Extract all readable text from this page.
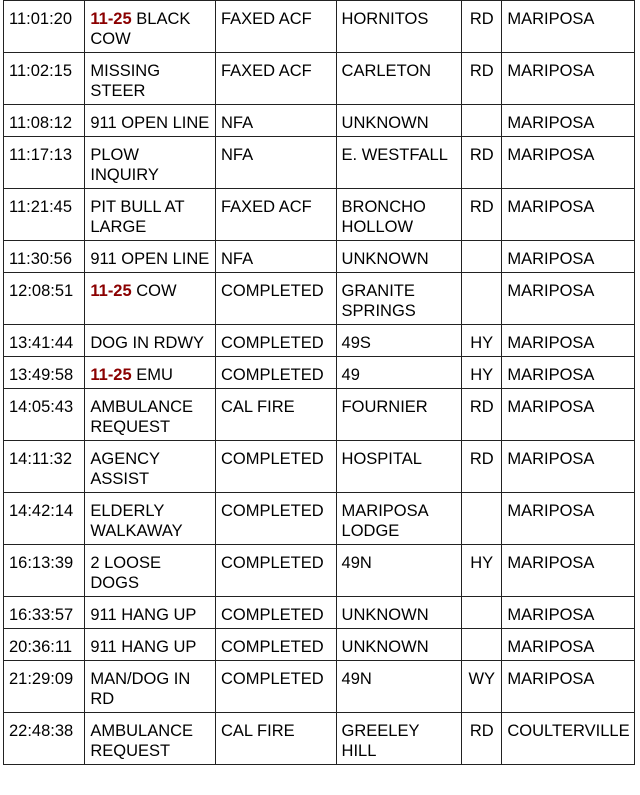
11:01:20	11-25 BLACK COW	FAXED ACF	HORNITOS	RD	MARIPOSA
11:02:15	MISSING STEER	FAXED ACF	CARLETON	RD	MARIPOSA
11:08:12	911 OPEN LINE	NFA	UNKNOWN		MARIPOSA
11:17:13	PLOW INQUIRY	NFA	E. WESTFALL	RD	MARIPOSA
11:21:45	PIT BULL AT LARGE	FAXED ACF	BRONCHO HOLLOW	RD	MARIPOSA
11:30:56	911 OPEN LINE	NFA	UNKNOWN		MARIPOSA
12:08:51	11-25 COW	COMPLETED	GRANITE SPRINGS		MARIPOSA
13:41:44	DOG IN RDWY	COMPLETED	49S	HY	MARIPOSA
13:49:58	11-25 EMU	COMPLETED	49	HY	MARIPOSA
14:05:43	AMBULANCE REQUEST	CAL FIRE	FOURNIER	RD	MARIPOSA
14:11:32	AGENCY ASSIST	COMPLETED	HOSPITAL	RD	MARIPOSA
14:42:14	ELDERLY WALKAWAY	COMPLETED	MARIPOSA LODGE		MARIPOSA
16:13:39	2 LOOSE DOGS	COMPLETED	49N	HY	MARIPOSA
16:33:57	911 HANG UP	COMPLETED	UNKNOWN		MARIPOSA
20:36:11	911 HANG UP	COMPLETED	UNKNOWN		MARIPOSA
21:29:09	MAN/DOG IN RD	COMPLETED	49N	WY	MARIPOSA
22:48:38	AMBULANCE REQUEST	CAL FIRE	GREELEY HILL	RD	COULTERVILLE
